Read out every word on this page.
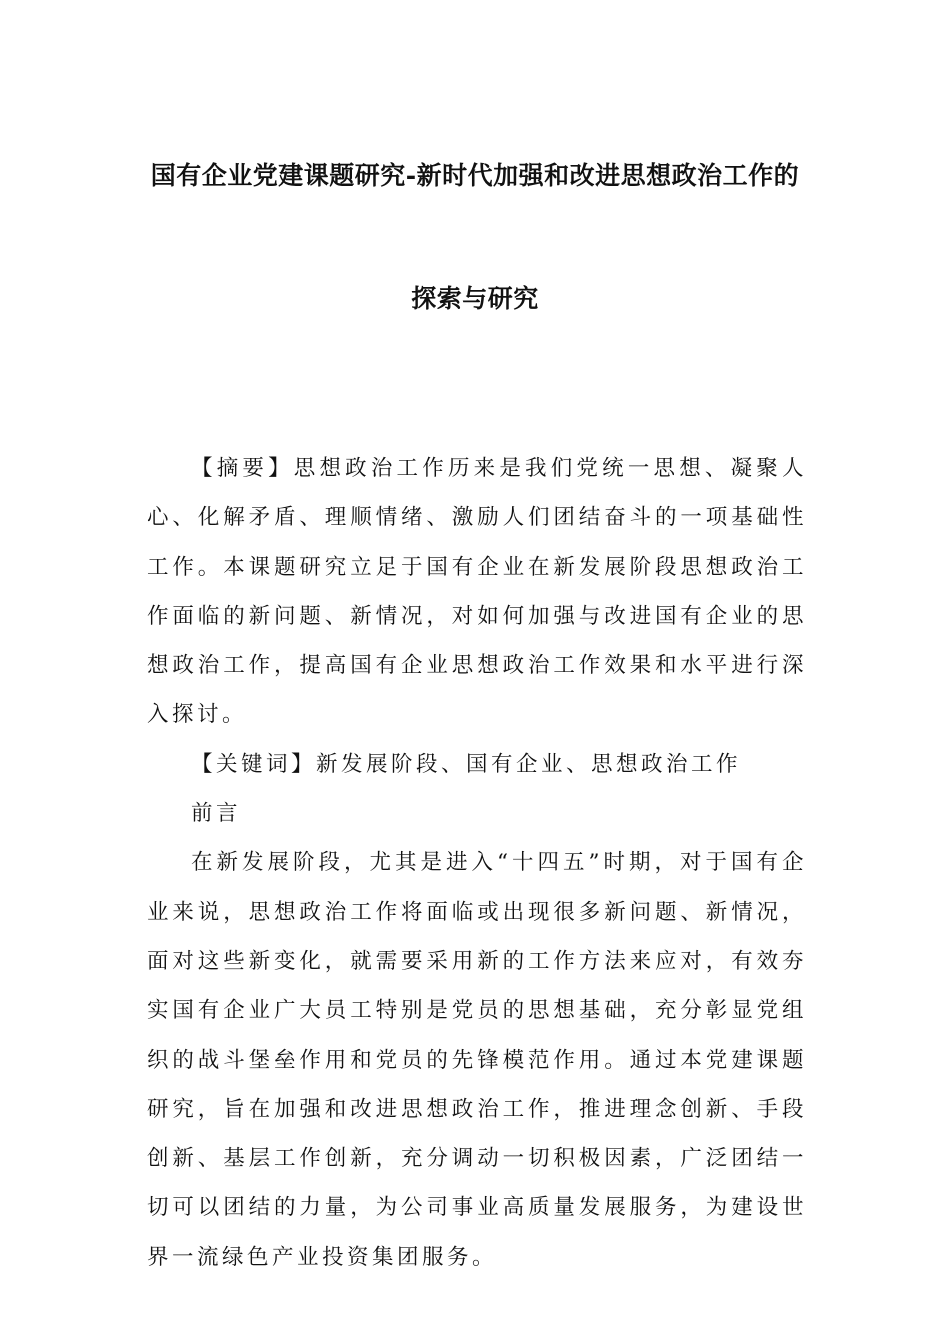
国有企业党建课题研究-新时代加强和改进思想政治工作的
探索与研究

【摘要】思想政治工作历来是我们党统一思想、凝聚人心、化解矛盾、理顺情绪、激励人们团结奋斗的一项基础性工作。本课题研究立足于国有企业在新发展阶段思想政治工作面临的新问题、新情况，对如何加强与改进国有企业的思想政治工作，提高国有企业思想政治工作效果和水平进行深入探讨。

【关键词】新发展阶段、国有企业、思想政治工作

前言

在新发展阶段，尤其是进入“十四五”时期，对于国有企业来说，思想政治工作将面临或出现很多新问题、新情况，面对这些新变化，就需要采用新的工作方法来应对，有效夯实国有企业广大员工特别是党员的思想基础，充分彰显党组织的战斗堡垒作用和党员的先锋模范作用。通过本党建课题研究，旨在加强和改进思想政治工作，推进理念创新、手段创新、基层工作创新，充分调动一切积极因素，广泛团结一切可以团结的力量，为公司事业高质量发展服务，为建设世界一流绿色产业投资集团服务。
